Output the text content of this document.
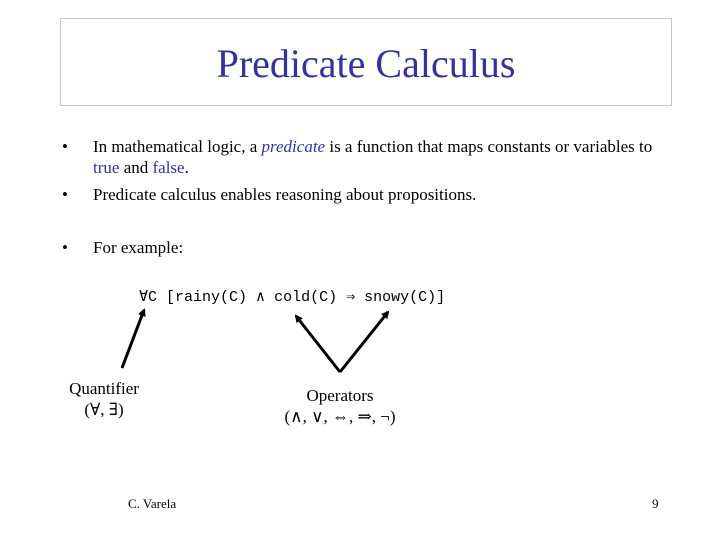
Predicate Calculus
•	In mathematical logic, a predicate is a function that maps constants or variables to true and false.
•	Predicate calculus enables reasoning about propositions.
•	For example:
∀C [rainy(C) ∧ cold(C) ⇒ snowy(C)]
Quantifier
(∀, ∃)
Operators
(∧, ∨, ⇔, ⇒, ¬)
C. Varela	9
